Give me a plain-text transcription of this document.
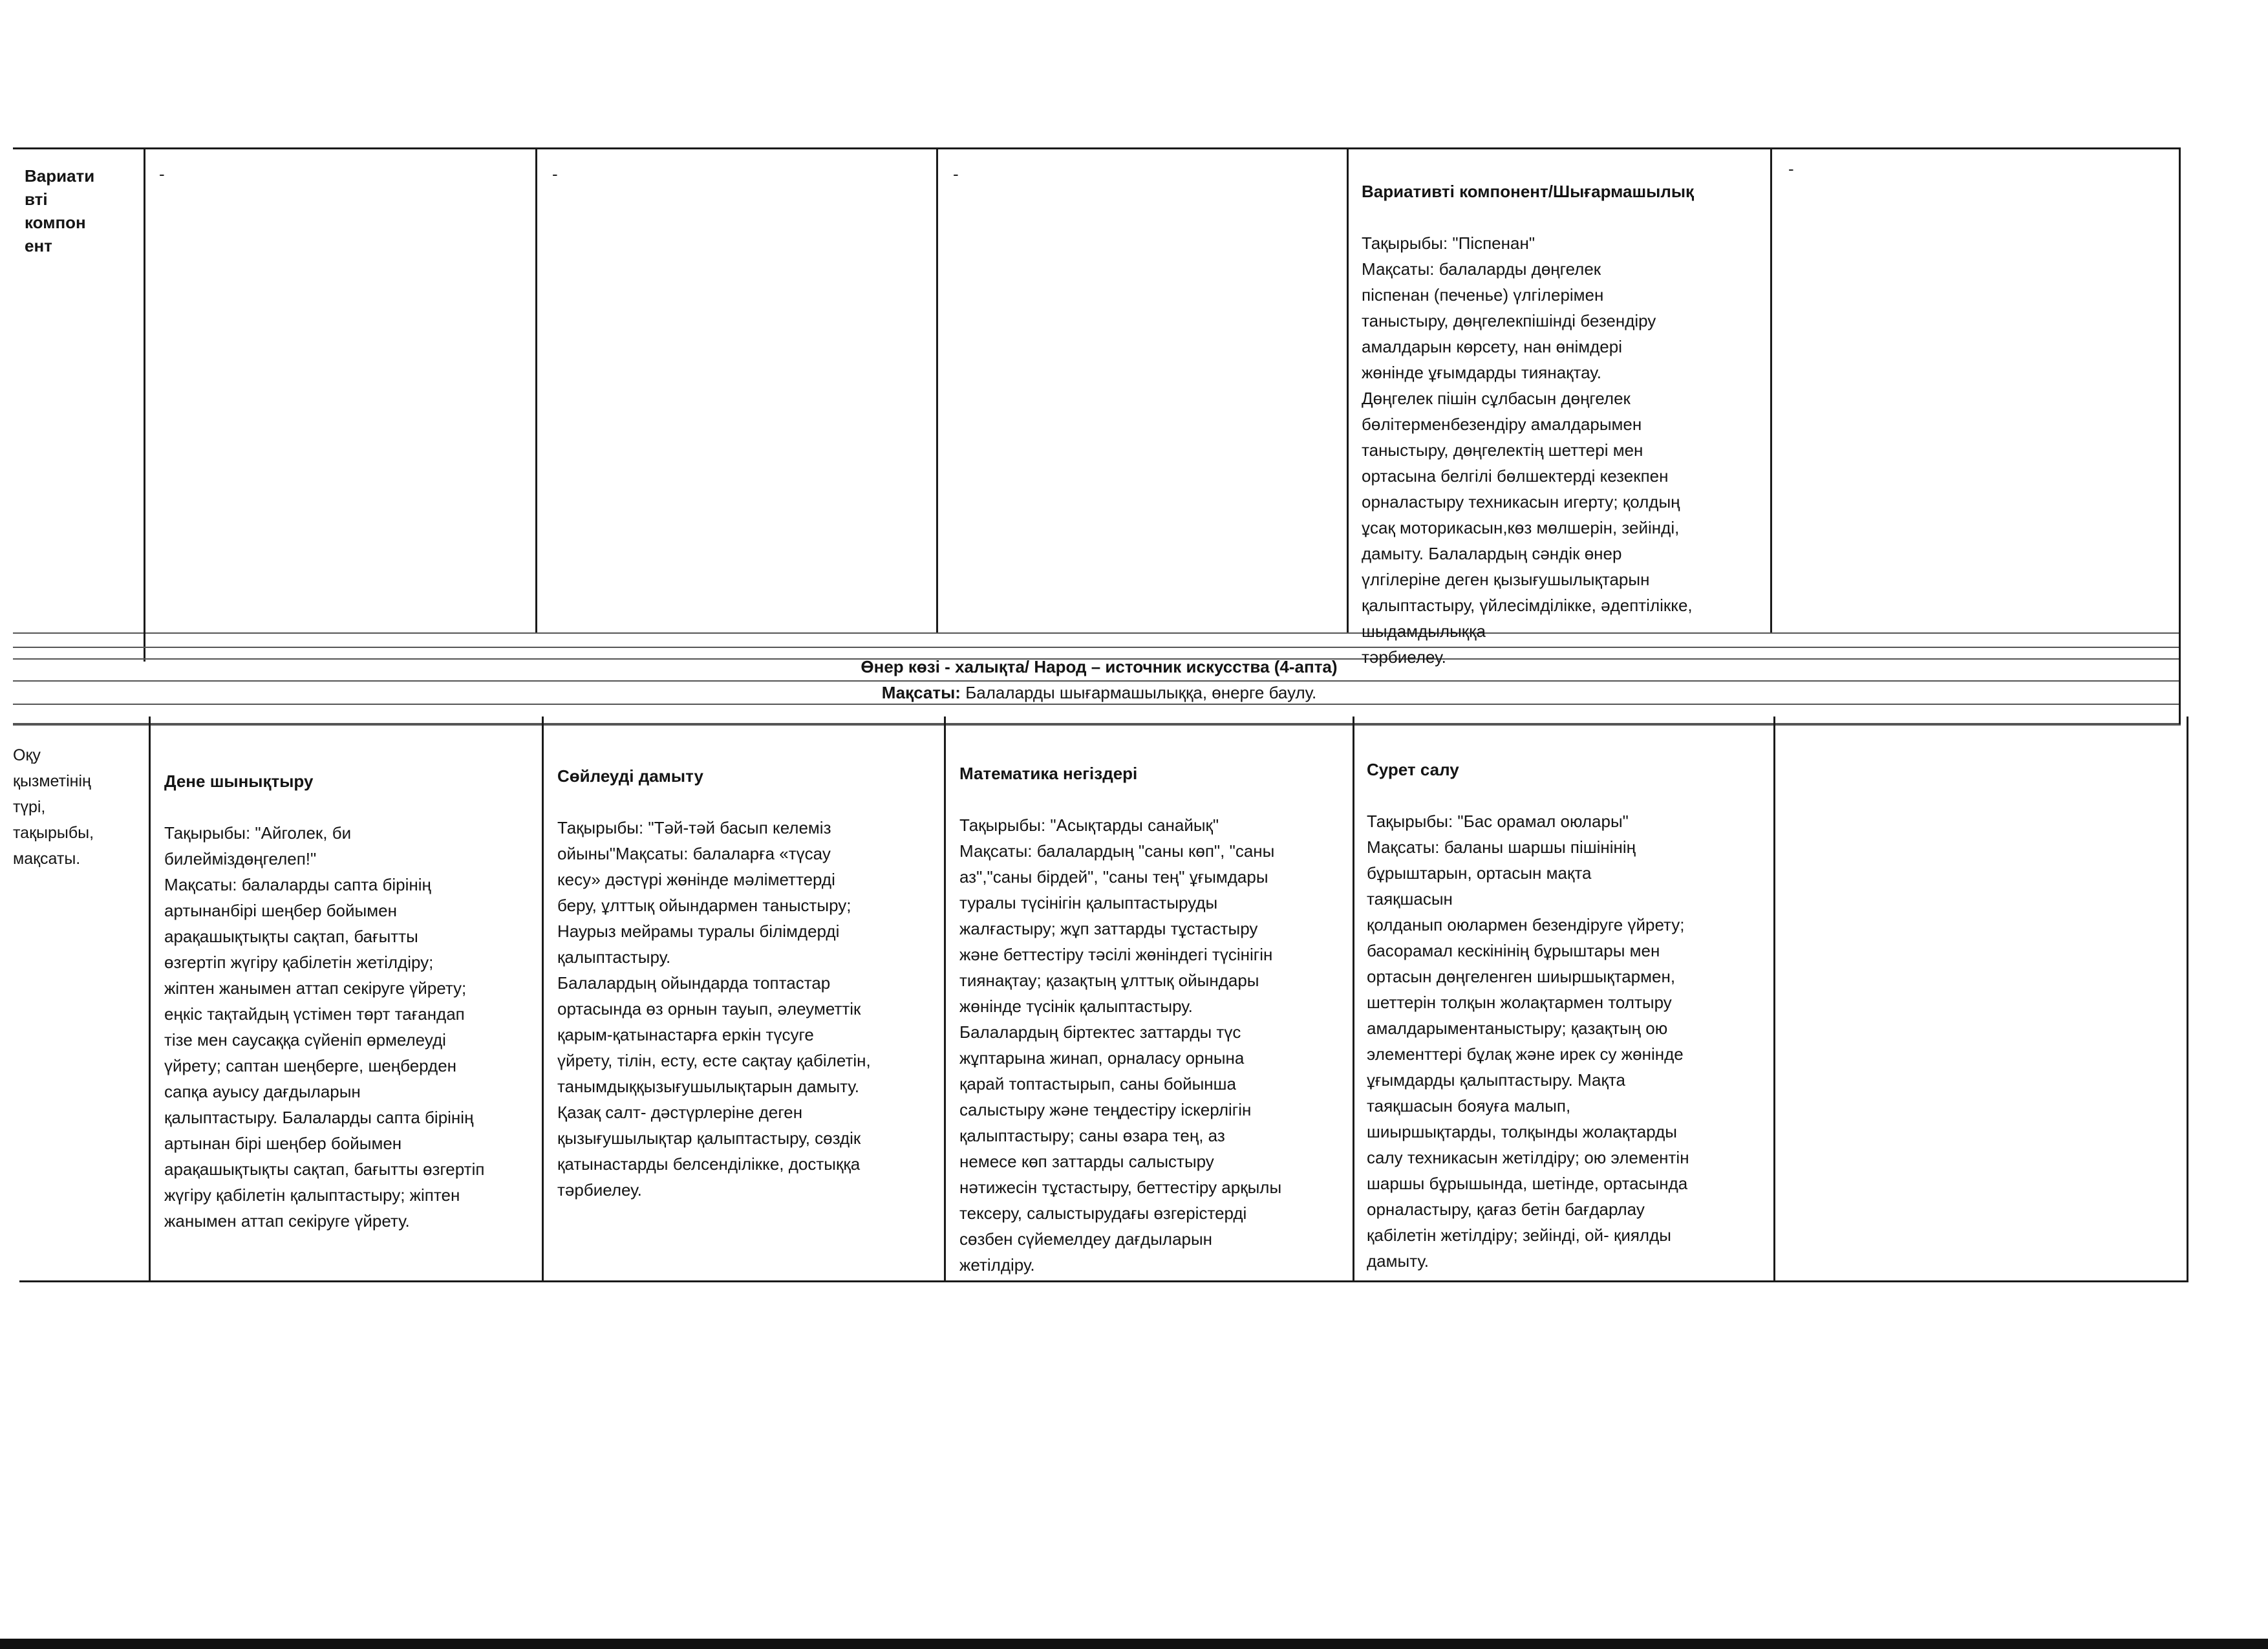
Вариати
вті
компон
ент
-	-	-

Вариативті компонент/Шығармашылық

Тақырыбы: "Піспенан"
Мақсаты: балаларды дөңгелек
піспенан (печенье) үлгілерімен
таныстыру, дөңгелекпішінді безендіру
амалдарын көрсету, нан өнімдері
жөнінде ұғымдарды тиянақтау.
Дөңгелек пішін сұлбасын дөңгелек
бөлітерменбезендіру амалдарымен
таныстыру, дөңгелектің шеттері мен
ортасына белгілі бөлшектерді кезекпен
орналастыру техникасын игерту; қолдың
ұсақ моторикасын,көз мөлшерін, зейінді,
дамыту. Балалардың сәндік өнер
үлгілеріне деген қызығушылықтарын
қалыптастыру, үйлесімділікке, әдептілікке,
шыдамдылыққа
тәрбиелеу.

-
Өнер көзі - халықта/ Народ – источник искусства (4-апта)
Мақсаты: Балаларды шығармашылыққа, өнерге баулу.
Оқу
қызметінің
түрі,
тақырыбы,
мақсаты.

Дене шынықтыру

Тақырыбы: "Айголек, би
билейміздөңгелеп!"
Мақсаты: балаларды сапта бірінің
артынанбірі шеңбер бойымен
арақашықтықты сақтап, бағытты
өзгертіп жүгіру қабілетін жетілдіру;
жіптен жанымен аттап секіруге үйрету;
еңкіс тақтайдың үстімен төрт тағандап
тізе мен саусаққа сүйеніп өрмелеуді
үйрету; саптан шеңберге, шеңберден
сапқа ауысу дағдыларын
қалыптастыру. Балаларды сапта бірінің
артынан бірі шеңбер бойымен
арақашықтықты сақтап, бағытты өзгертіп
жүгіру қабілетін қалыптастыру; жіптен
жанымен аттап секіруге үйрету.

Сөйлеуді дамыту

Тақырыбы: "Тәй-тәй басып келеміз
ойыны"Мақсаты: балаларға «түсау
кесу» дәстүрі жөнінде мәліметтерді
беру, ұлттық ойындармен таныстыру;
Наурыз мейрамы туралы білімдерді
қалыптастыру.
Балалардың ойындарда топтастар
ортасында өз орнын тауып, әлеуметтік
қарым-қатынастарға еркін түсуге
үйрету, тілін, есту, есте сақтау қабілетін,
танымдыққызығушылықтарын дамыту.
Қазақ салт- дәстүрлеріне деген
қызығушылықтар қалыптастыру, сөздік
қатынастарды белсенділікке, достыққа
тәрбиелеу.

Математика негіздері

Тақырыбы: "Асықтарды санайық"
Мақсаты: балалардың "саны көп", "саны
аз","саны бірдей", "саны тең" ұғымдары
туралы түсінігін қалыптастыруды
жалғастыру; жұп заттарды тұстастыру
және беттестіру тәсілі жөніндегі түсінігін
тиянақтау; қазақтың ұлттық ойындары
жөнінде түсінік қалыптастыру.
Балалардың біртектес заттарды түс
жұптарына жинап, орналасу орнына
қарай топтастырып, саны бойынша
салыстыру және теңдестіру іскерлігін
қалыптастыру; саны өзара тең, аз
немесе көп заттарды салыстыру
нәтижесін тұстастыру, беттестіру арқылы
тексеру, салыстырудағы өзгерістерді
сөзбен сүйемелдеу дағдыларын
жетілдіру.

Сурет салу

Тақырыбы: "Бас орамал оюлары"
Мақсаты: баланы шаршы пішінінің
бұрыштарын, ортасын мақта
таяқшасын
қолданып оюлармен безендіруге үйрету;
басорамал кескінінің бұрыштары мен
ортасын дөңгеленген шиыршықтармен,
шеттерін толқын жолақтармен толтыру
амалдарыментаныстыру; қазақтың ою
элементтері бұлақ және ирек су жөнінде
ұғымдарды қалыптастыру. Мақта
таяқшасын бояуға малып,
шиыршықтарды, толқынды жолақтарды
салу техникасын жетілдіру; ою элементін
шаршы бұрышында, шетінде, ортасында
орналастыру, қағаз бетін бағдарлау
қабілетін жетілдіру; зейінді, ой- қиялды
дамыту.
